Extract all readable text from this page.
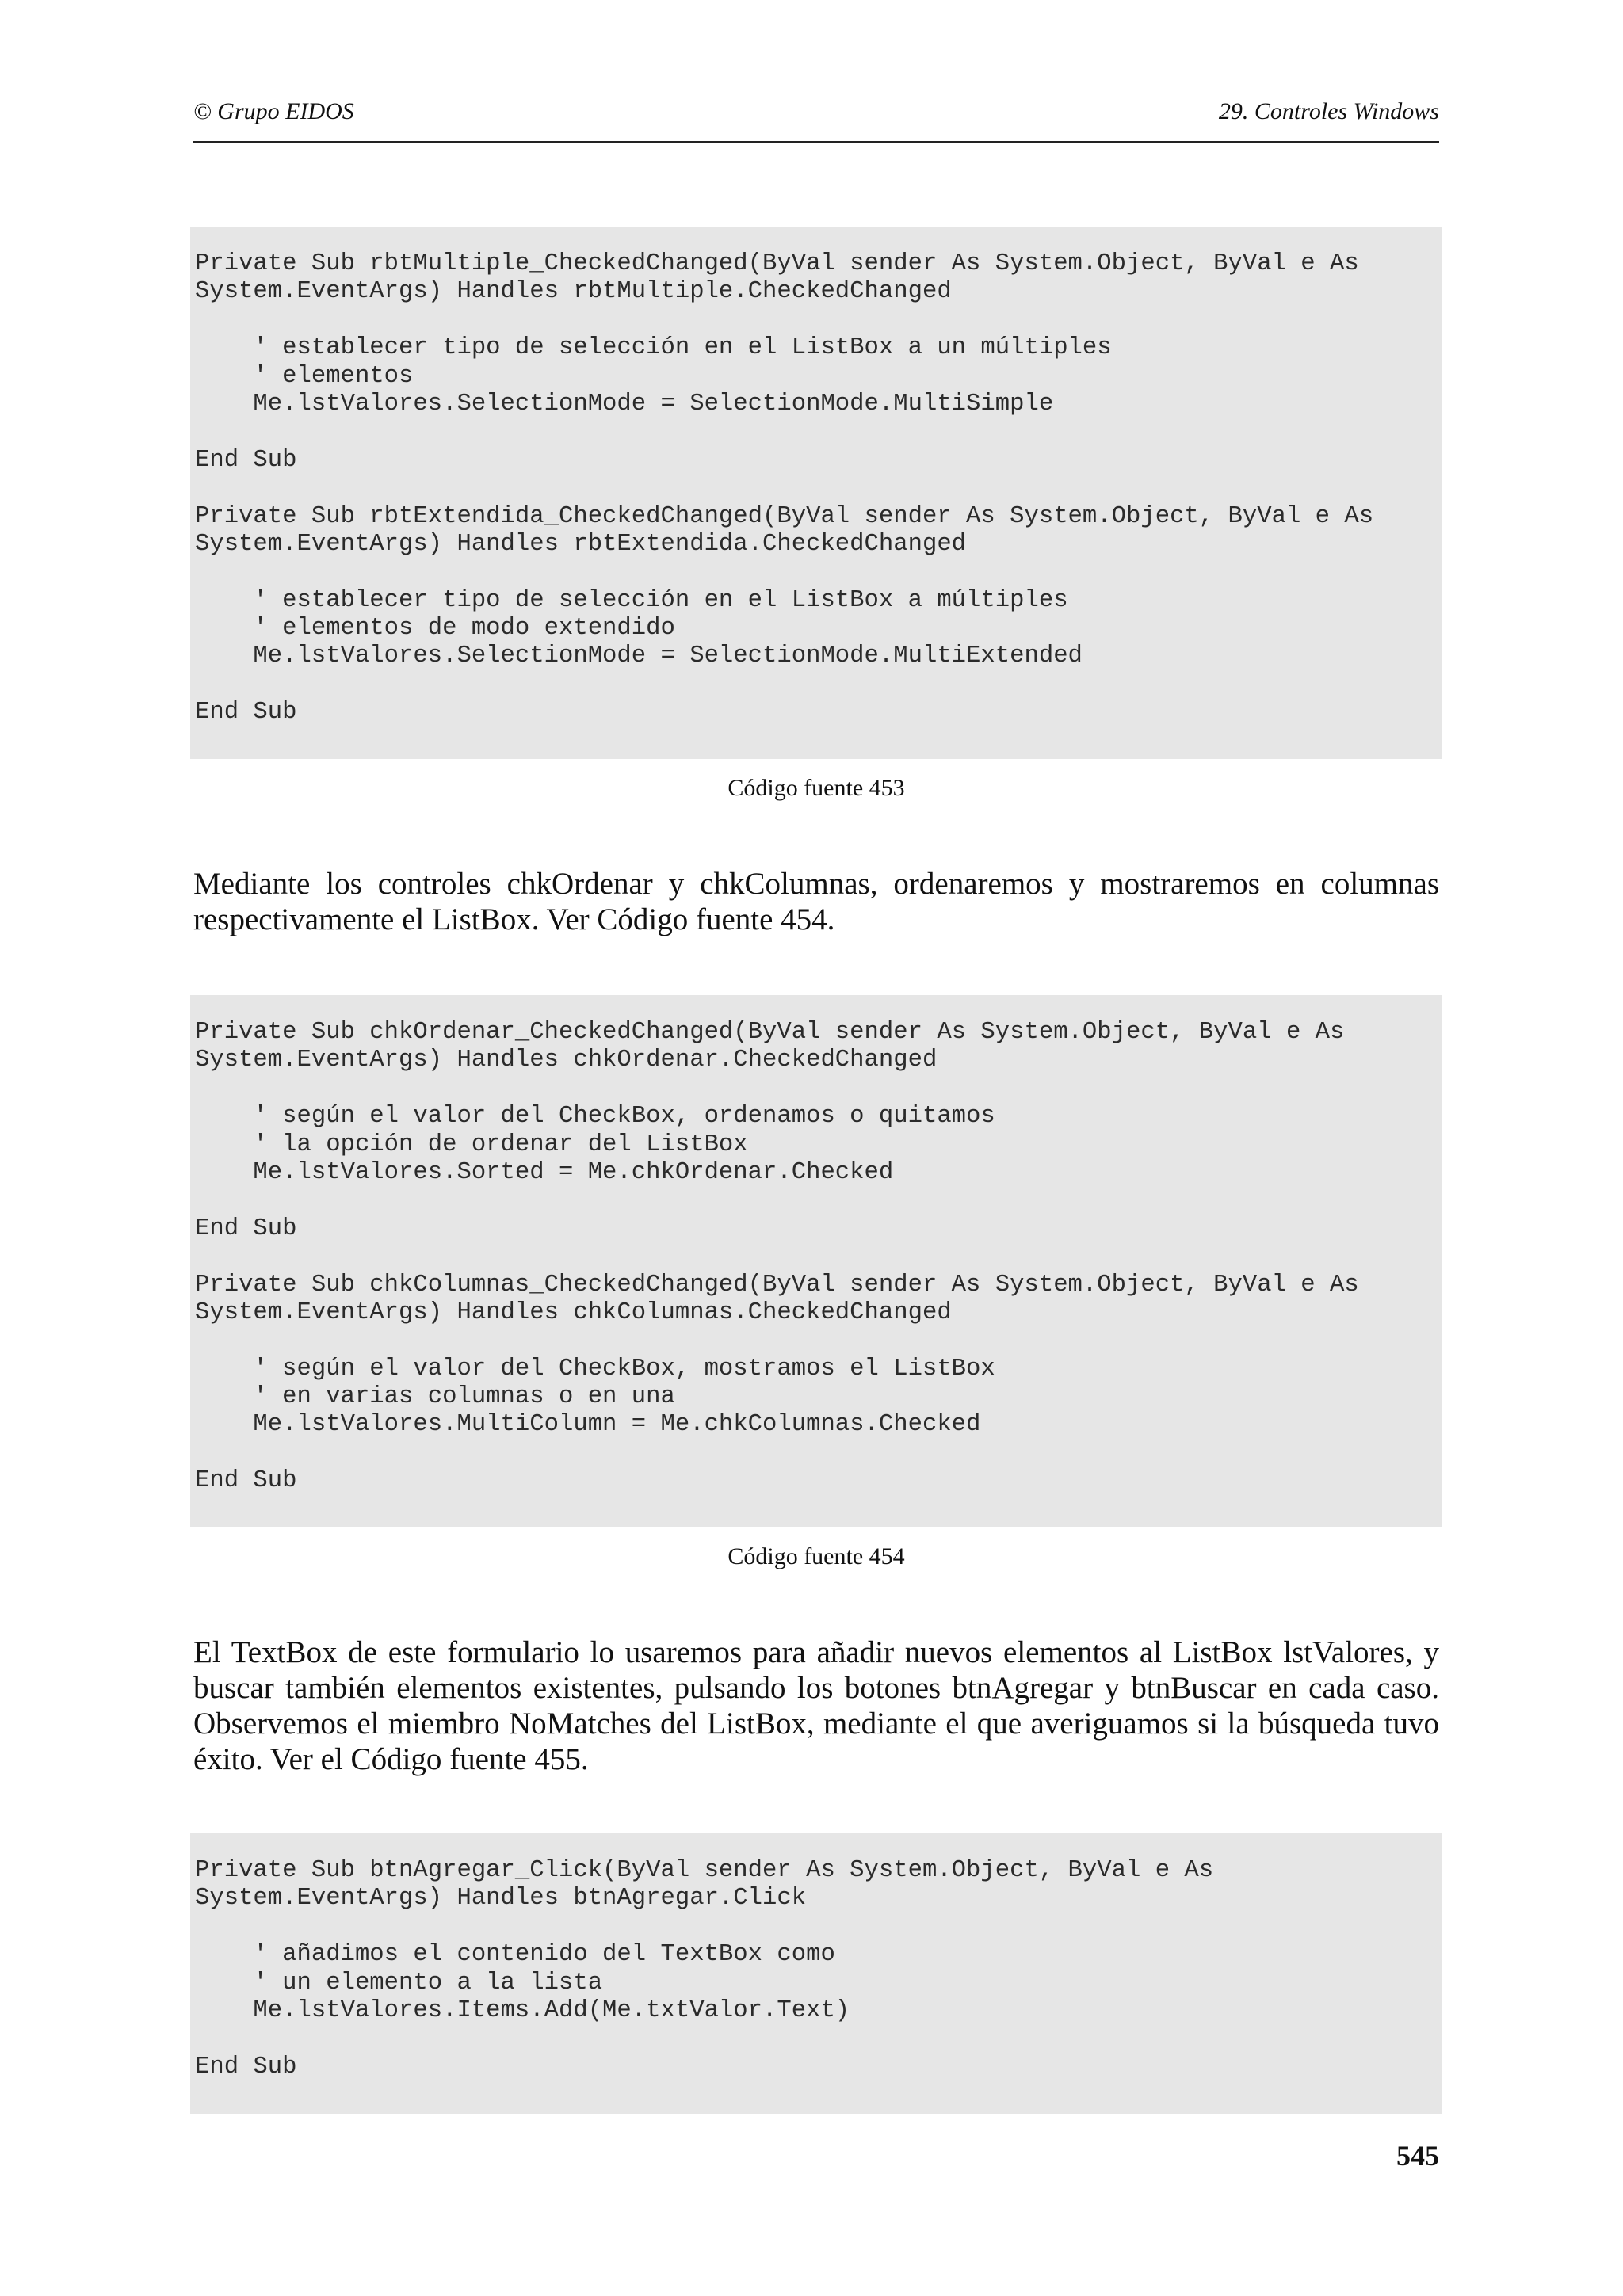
© Grupo EIDOS	29. Controles Windows
Private Sub rbtMultiple_CheckedChanged(ByVal sender As System.Object, ByVal e As
System.EventArgs) Handles rbtMultiple.CheckedChanged
' establecer tipo de selección en el ListBox a un múltiples
' elementos
Me.lstValores.SelectionMode = SelectionMode.MultiSimple
End Sub
Private Sub rbtExtendida_CheckedChanged(ByVal sender As System.Object, ByVal e As
System.EventArgs) Handles rbtExtendida.CheckedChanged
' establecer tipo de selección en el ListBox a múltiples
' elementos de modo extendido
Me.lstValores.SelectionMode = SelectionMode.MultiExtended
End Sub
Código fuente 453
Mediante los controles chkOrdenar y chkColumnas, ordenaremos y mostraremos en columnas respectivamente el ListBox. Ver Código fuente 454.
Private Sub chkOrdenar_CheckedChanged(ByVal sender As System.Object, ByVal e As
System.EventArgs) Handles chkOrdenar.CheckedChanged
' según el valor del CheckBox, ordenamos o quitamos
' la opción de ordenar del ListBox
Me.lstValores.Sorted = Me.chkOrdenar.Checked
End Sub
Private Sub chkColumnas_CheckedChanged(ByVal sender As System.Object, ByVal e As
System.EventArgs) Handles chkColumnas.CheckedChanged
' según el valor del CheckBox, mostramos el ListBox
' en varias columnas o en una
Me.lstValores.MultiColumn = Me.chkColumnas.Checked
End Sub
Código fuente 454
El TextBox de este formulario lo usaremos para añadir nuevos elementos al ListBox lstValores, y buscar también elementos existentes, pulsando los botones btnAgregar y btnBuscar en cada caso. Observemos el miembro NoMatches del ListBox, mediante el que averiguamos si la búsqueda tuvo éxito. Ver el Código fuente 455.
Private Sub btnAgregar_Click(ByVal sender As System.Object, ByVal e As
System.EventArgs) Handles btnAgregar.Click
' añadimos el contenido del TextBox como
' un elemento a la lista
Me.lstValores.Items.Add(Me.txtValor.Text)
End Sub
545
